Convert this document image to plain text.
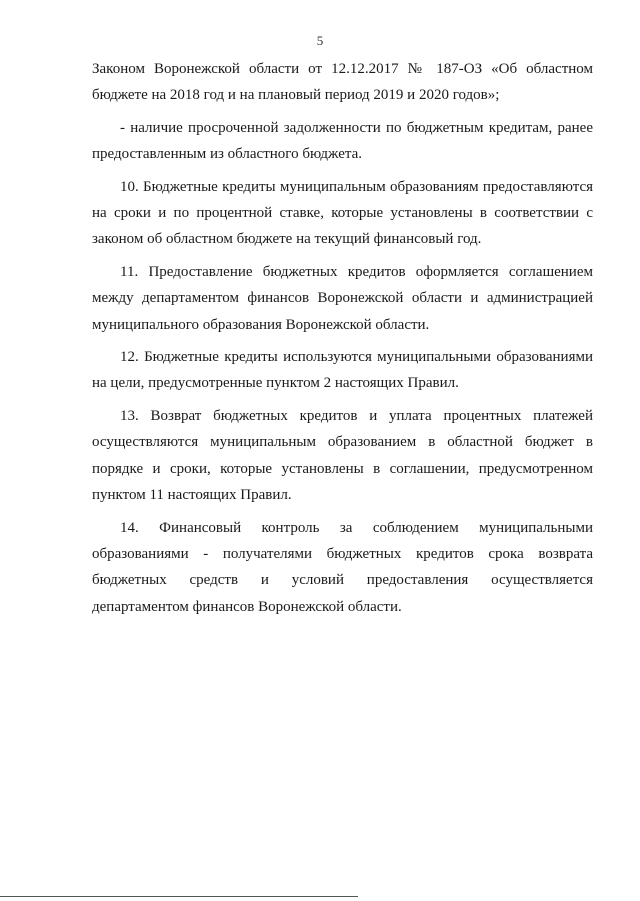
5

Законом Воронежской области от 12.12.2017 № 187-ОЗ «Об областном бюджете на 2018 год и на плановый период 2019 и 2020 годов»;

- наличие просроченной задолженности по бюджетным кредитам, ранее предоставленным из областного бюджета.

10. Бюджетные кредиты муниципальным образованиям предоставляются на сроки и по процентной ставке, которые установлены в соответствии с законом об областном бюджете на текущий финансовый год.

11. Предоставление бюджетных кредитов оформляется соглашением между департаментом финансов Воронежской области и администрацией муниципального образования Воронежской области.

12. Бюджетные кредиты используются муниципальными образованиями на цели, предусмотренные пунктом 2 настоящих Правил.

13. Возврат бюджетных кредитов и уплата процентных платежей осуществляются муниципальным образованием в областной бюджет в порядке и сроки, которые установлены в соглашении, предусмотренном пунктом 11 настоящих Правил.

14. Финансовый контроль за соблюдением муниципальными образованиями - получателями бюджетных кредитов срока возврата бюджетных средств и условий предоставления осуществляется департаментом финансов Воронежской области.
